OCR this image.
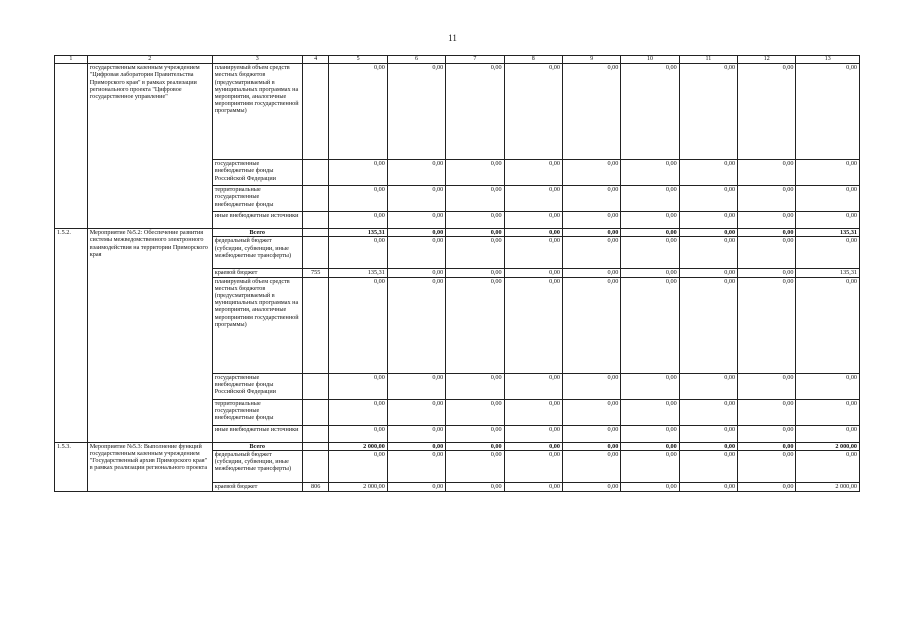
11
1	2	3	4	5	6	7	8	9	10	11	12	13
	государственным казенным учреждением "Цифровая лаборатория Правительства Приморского края" в рамках реализации регионального проекта "Цифровое государственное управление"	планируемый объем средств местных бюджетов (предусматриваемый в муниципальных программах на мероприятия, аналогичные мероприятиям государственной программы)		0,00	0,00	0,00	0,00	0,00	0,00	0,00	0,00	0,00
		государственные внебюджетные фонды Российской Федерации		0,00	0,00	0,00	0,00	0,00	0,00	0,00	0,00	0,00
		территориальные государственные внебюджетные фонды		0,00	0,00	0,00	0,00	0,00	0,00	0,00	0,00	0,00
		иные внебюджетные источники		0,00	0,00	0,00	0,00	0,00	0,00	0,00	0,00	0,00
1.5.2.	Мероприятие №5.2: Обеспечение развития системы межведомственного электронного взаимодействия на территории Приморского края	Всего		135,31	0,00	0,00	0,00	0,00	0,00	0,00	0,00	135,31
		федеральный бюджет (субсидии, субвенции, иные межбюджетные трансферты)		0,00	0,00	0,00	0,00	0,00	0,00	0,00	0,00	0,00
		краевой бюджет	755	135,31	0,00	0,00	0,00	0,00	0,00	0,00	0,00	135,31
		планируемый объем средств местных бюджетов (предусматриваемый в муниципальных программах на мероприятия, аналогичные мероприятиям государственной программы)		0,00	0,00	0,00	0,00	0,00	0,00	0,00	0,00	0,00
		государственные внебюджетные фонды Российской Федерации		0,00	0,00	0,00	0,00	0,00	0,00	0,00	0,00	0,00
		территориальные государственные внебюджетные фонды		0,00	0,00	0,00	0,00	0,00	0,00	0,00	0,00	0,00
		иные внебюджетные источники		0,00	0,00	0,00	0,00	0,00	0,00	0,00	0,00	0,00
1.5.3.	Мероприятие №5.3: Выполнение функций государственным казенным учреждением "Государственный архив Приморского края" в рамках реализации регионального проекта	Всего		2 000,00	0,00	0,00	0,00	0,00	0,00	0,00	0,00	2 000,00
		федеральный бюджет (субсидии, субвенции, иные межбюджетные трансферты)		0,00	0,00	0,00	0,00	0,00	0,00	0,00	0,00	0,00
		краевой бюджет	806	2 000,00	0,00	0,00	0,00	0,00	0,00	0,00	0,00	2 000,00
